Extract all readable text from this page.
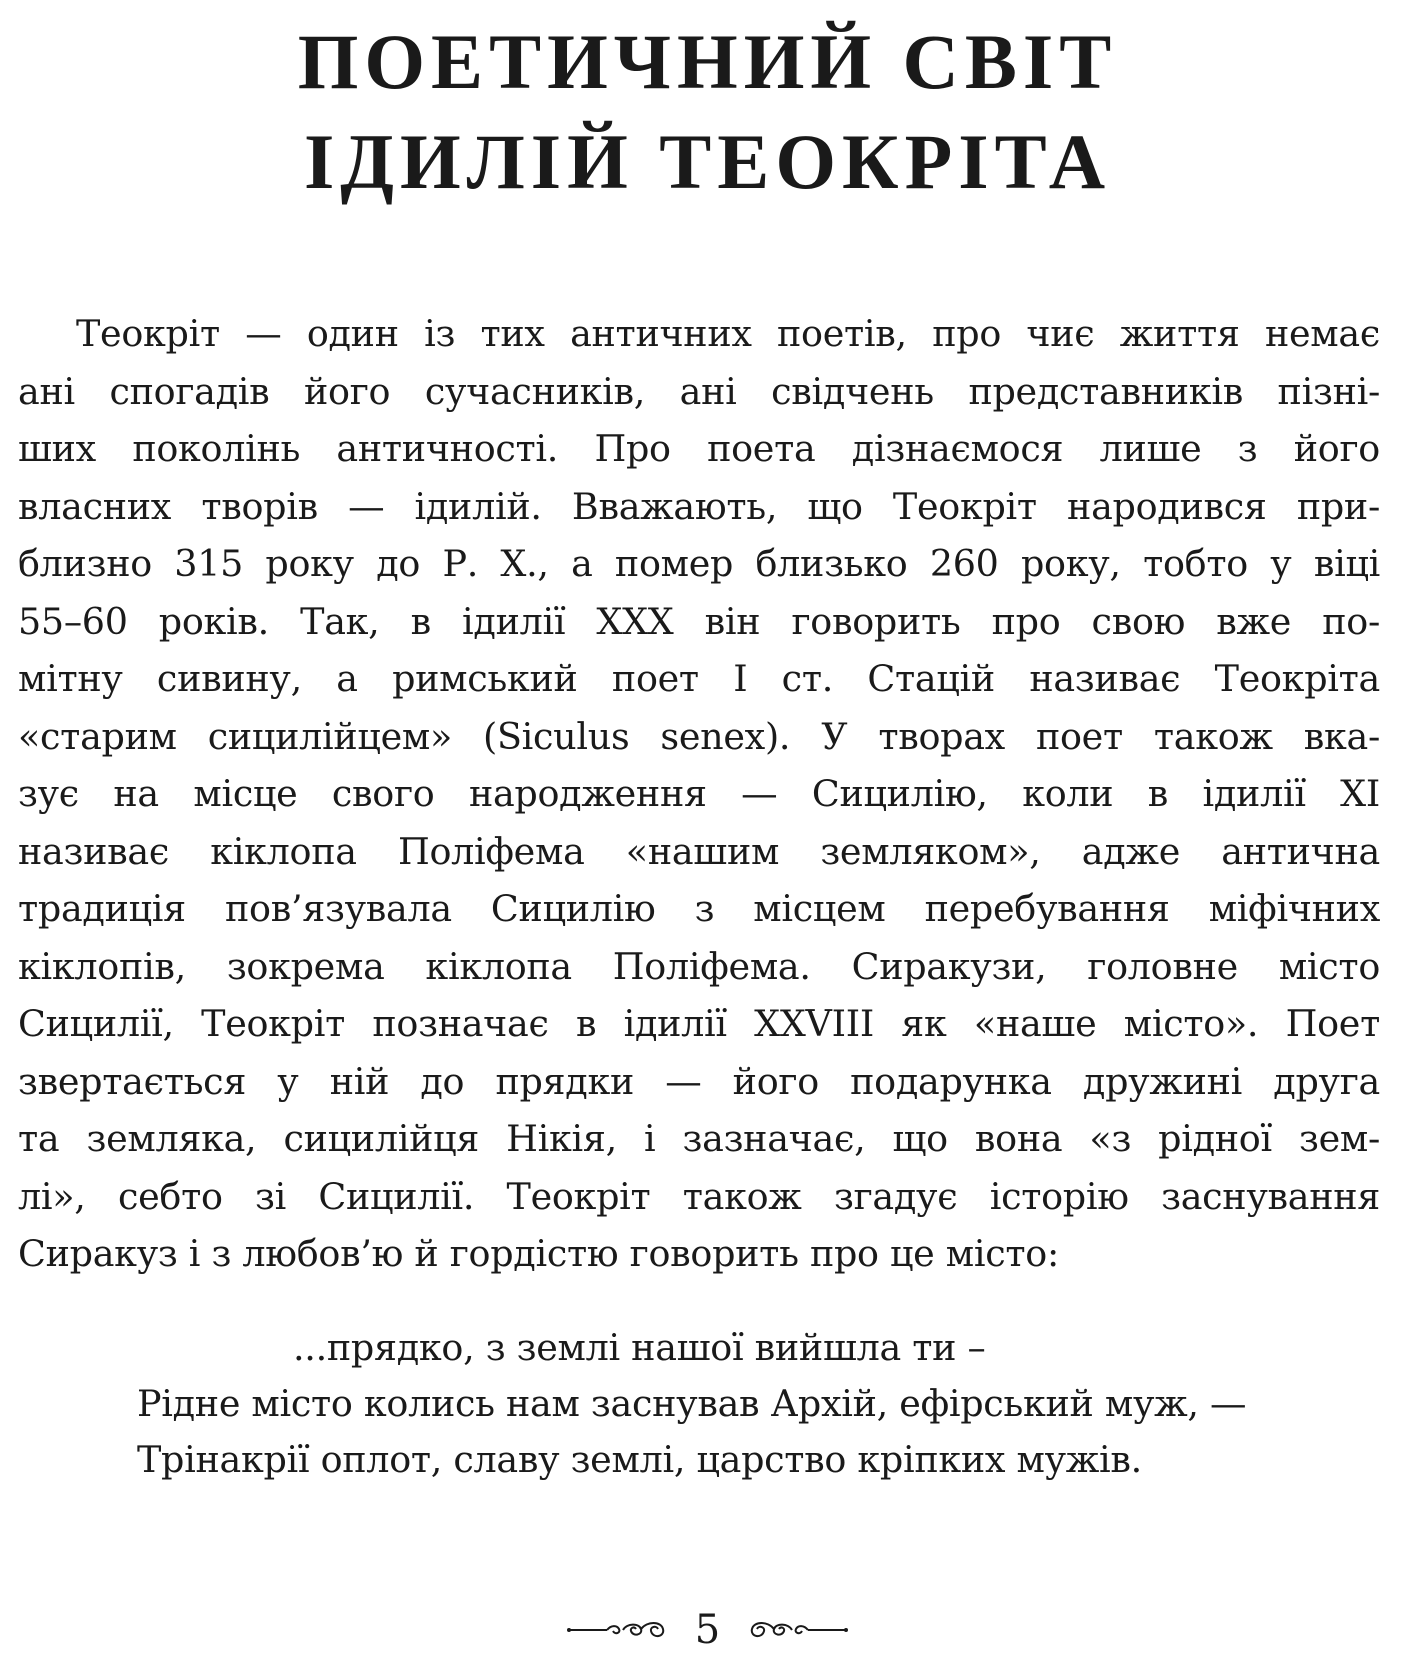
ПОЕТИЧНИЙ СВІТ
ІДИЛІЙ ТЕОКРІТА
Теокріт — один із тих античних поетів, про чиє життя немає
ані спогадів його сучасників, ані свідчень представників пізні-
ших поколінь античності. Про поета дізнаємося лише з його
власних творів — ідилій. Вважають, що Теокріт народився при-
близно 315 року до Р. Х., а помер близько 260 року, тобто у віці
55–60 років. Так, в ідилії XXX він говорить про свою вже по-
мітну сивину, а римський поет I ст. Стацій називає Теокріта
«старим сицилійцем» (Siculus senex). У творах поет також вка-
зує на місце свого народження — Сицилію, коли в ідилії XI
називає кіклопа Поліфема «нашим земляком», адже антична
традиція пов’язувала Сицилію з місцем перебування міфічних
кіклопів, зокрема кіклопа Поліфема. Сиракузи, головне місто
Сицилії, Теокріт позначає в ідилії XXVIII як «наше місто». Поет
звертається у ній до прядки — його подарунка дружині друга
та земляка, сицилійця Нікія, і зазначає, що вона «з рідної зем-
лі», себто зі Сицилії. Теокріт також згадує історію заснування
Сиракуз і з любов’ю й гордістю говорить про це місто:
...прядко, з землі нашої вийшла ти –
Рідне місто колись нам заснував Архій, ефірський муж, —
Трінакрії оплот, славу землі, царство кріпких мужів.
5
